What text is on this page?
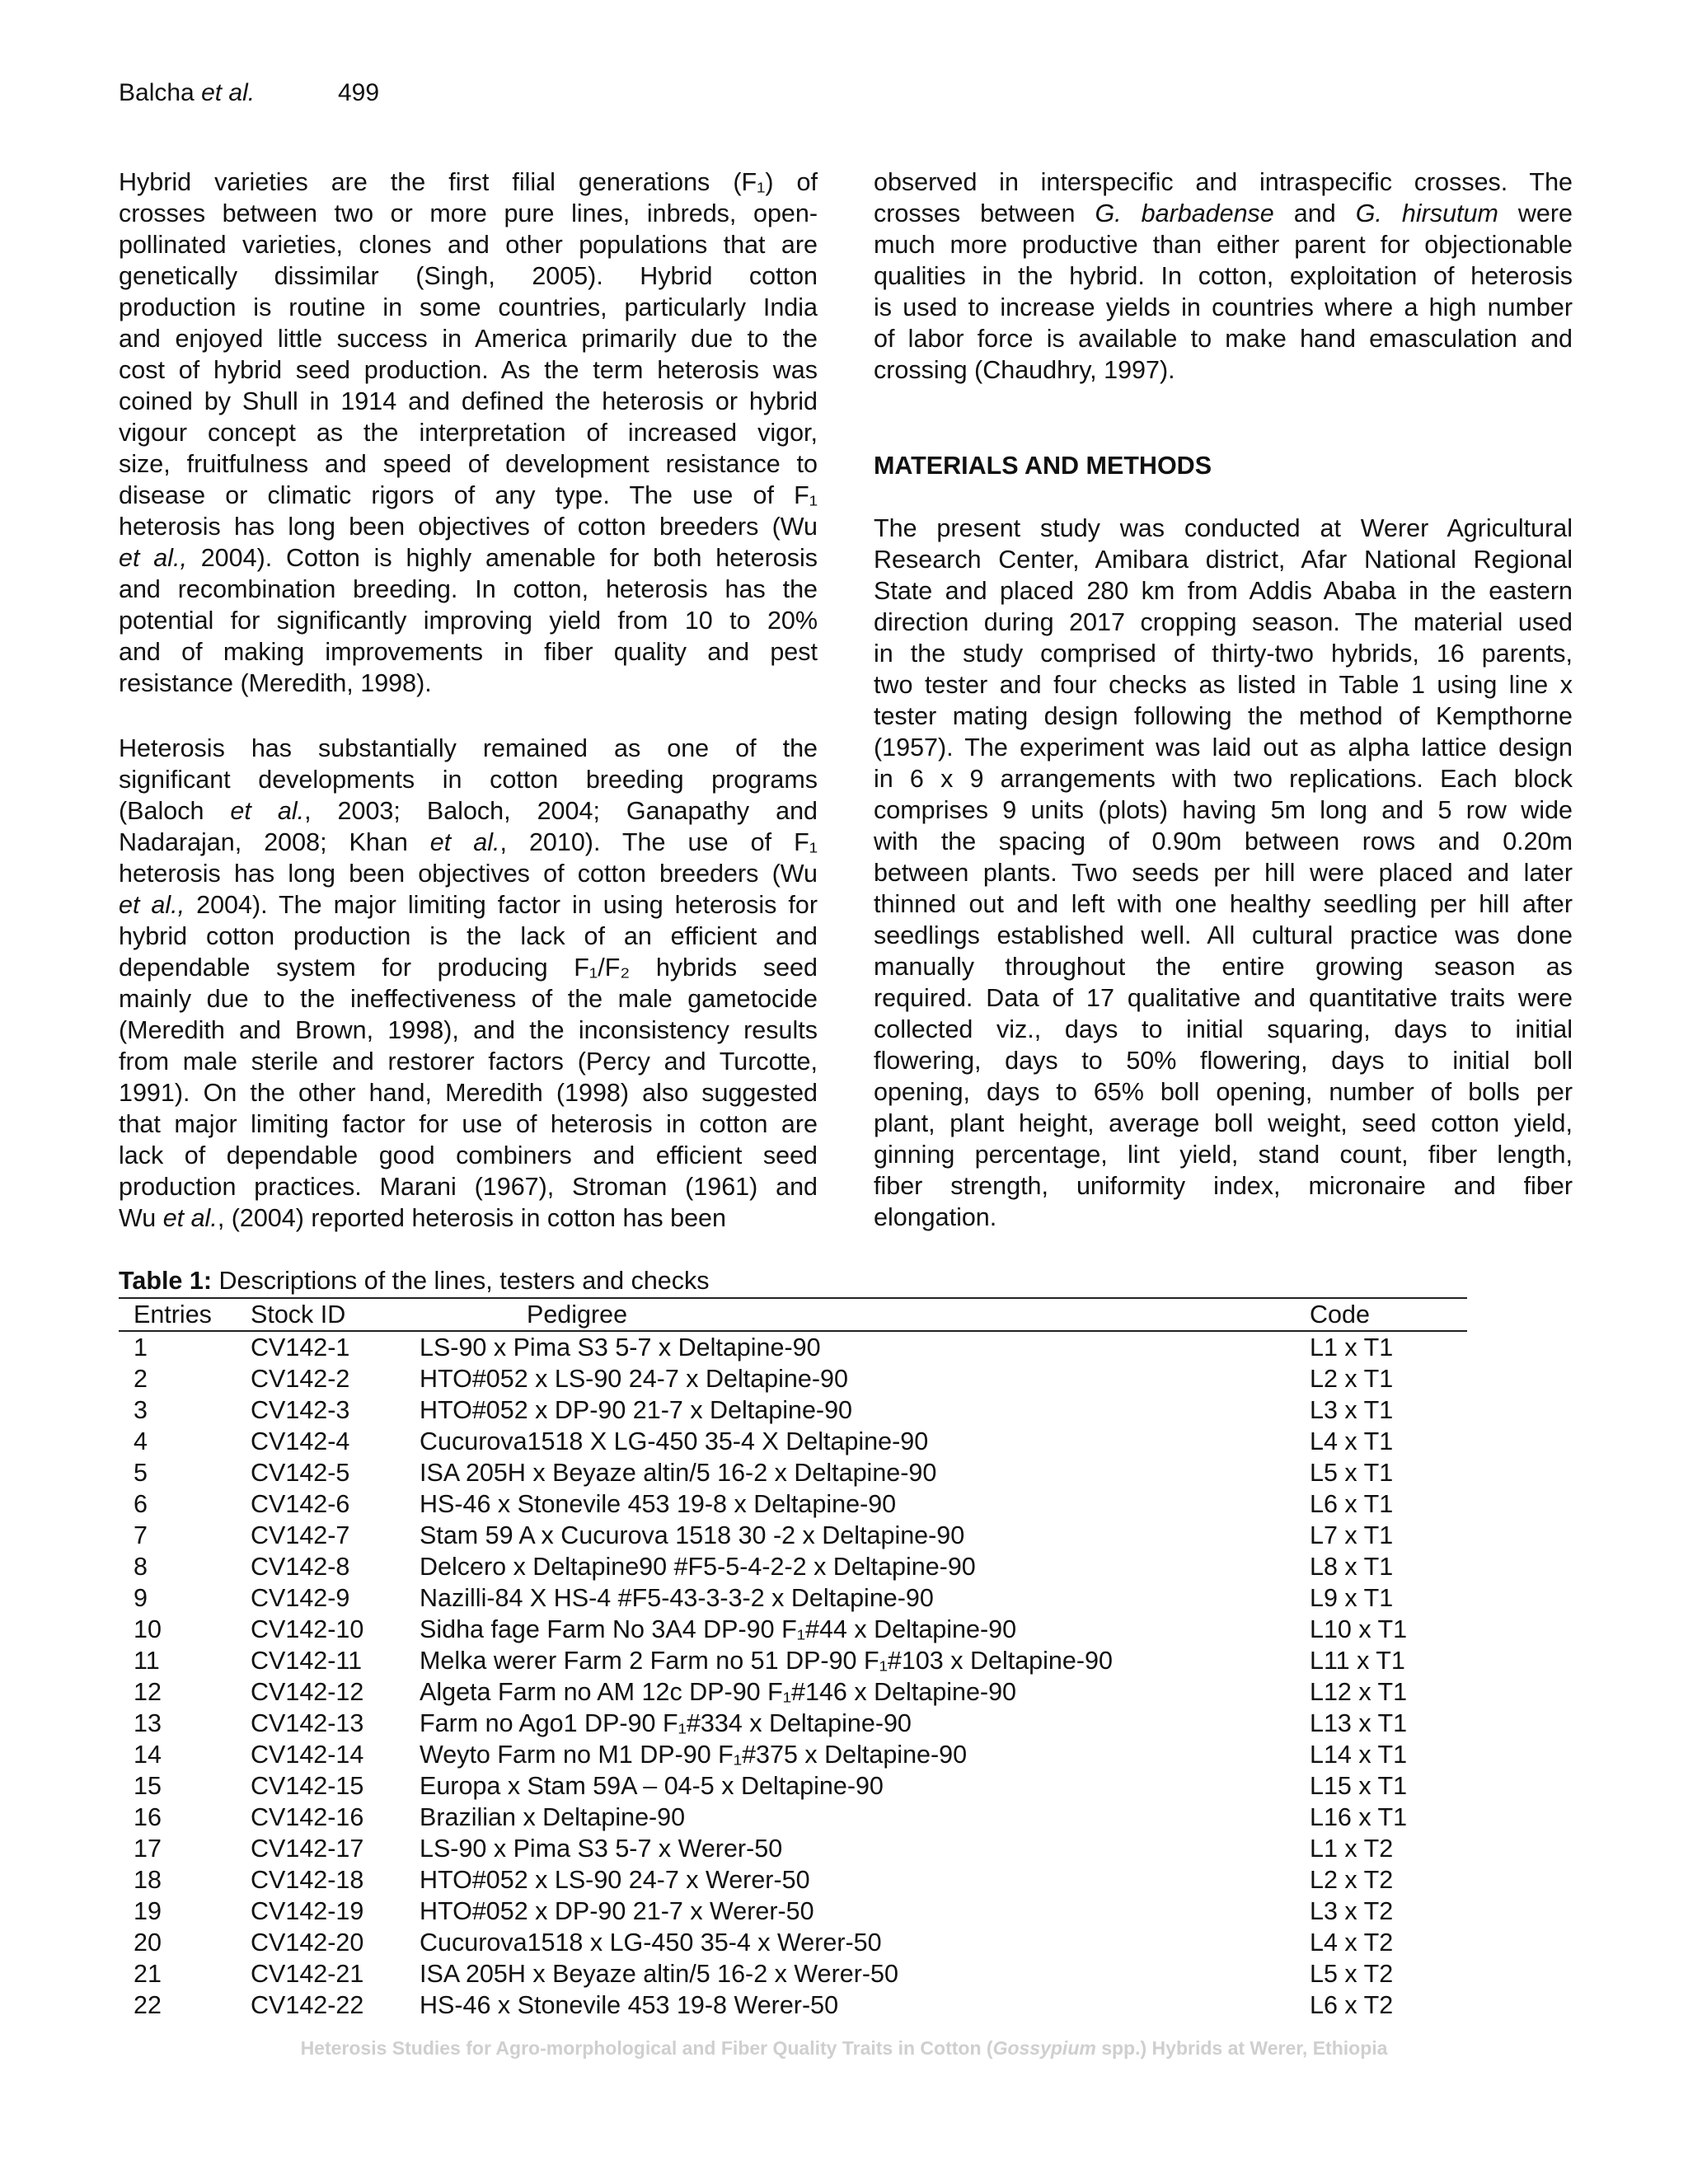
Balcha et al.	499
Hybrid varieties are the first filial generations (F₁) of
crosses between two or more pure lines, inbreds, open-
pollinated varieties, clones and other populations that are
genetically dissimilar (Singh, 2005). Hybrid cotton
production is routine in some countries, particularly India
and enjoyed little success in America primarily due to the
cost of hybrid seed production. As the term heterosis was
coined by Shull in 1914 and defined the heterosis or hybrid
vigour concept as the interpretation of increased vigor,
size, fruitfulness and speed of development resistance to
disease or climatic rigors of any type. The use of F₁
heterosis has long been objectives of cotton breeders (Wu
et al., 2004). Cotton is highly amenable for both heterosis
and recombination breeding. In cotton, heterosis has the
potential for significantly improving yield from 10 to 20%
and of making improvements in fiber quality and pest
resistance (Meredith, 1998).
Heterosis has substantially remained as one of the
significant developments in cotton breeding programs
(Baloch et al., 2003; Baloch, 2004; Ganapathy and
Nadarajan, 2008; Khan et al., 2010). The use of F₁
heterosis has long been objectives of cotton breeders (Wu
et al., 2004). The major limiting factor in using heterosis for
hybrid cotton production is the lack of an efficient and
dependable system for producing F₁/F₂ hybrids seed
mainly due to the ineffectiveness of the male gametocide
(Meredith and Brown, 1998), and the inconsistency results
from male sterile and restorer factors (Percy and Turcotte,
1991). On the other hand, Meredith (1998) also suggested
that major limiting factor for use of heterosis in cotton are
lack of dependable good combiners and efficient seed
production practices. Marani (1967), Stroman (1961) and
Wu et al., (2004) reported heterosis in cotton has been
observed in interspecific and intraspecific crosses. The
crosses between G. barbadense and G. hirsutum were
much more productive than either parent for objectionable
qualities in the hybrid. In cotton, exploitation of heterosis
is used to increase yields in countries where a high number
of labor force is available to make hand emasculation and
crossing (Chaudhry, 1997).
MATERIALS AND METHODS
The present study was conducted at Werer Agricultural
Research Center, Amibara district, Afar National Regional
State and placed 280 km from Addis Ababa in the eastern
direction during 2017 cropping season. The material used
in the study comprised of thirty-two hybrids, 16 parents,
two tester and four checks as listed in Table 1 using line x
tester mating design following the method of Kempthorne
(1957). The experiment was laid out as alpha lattice design
in 6 x 9 arrangements with two replications. Each block
comprises 9 units (plots) having 5m long and 5 row wide
with the spacing of 0.90m between rows and 0.20m
between plants. Two seeds per hill were placed and later
thinned out and left with one healthy seedling per hill after
seedlings established well. All cultural practice was done
manually throughout the entire growing season as
required. Data of 17 qualitative and quantitative traits were
collected viz., days to initial squaring, days to initial
flowering, days to 50% flowering, days to initial boll
opening, days to 65% boll opening, number of bolls per
plant, plant height, average boll weight, seed cotton yield,
ginning percentage, lint yield, stand count, fiber length,
fiber strength, uniformity index, micronaire and fiber
elongation.
Table 1: Descriptions of the lines, testers and checks
Entries	Stock ID	Pedigree	Code
1	CV142-1	LS-90 x Pima S3 5-7 x Deltapine-90	L1 x T1
2	CV142-2	HTO#052 x LS-90 24-7 x Deltapine-90	L2 x T1
3	CV142-3	HTO#052 x DP-90 21-7 x Deltapine-90	L3 x T1
4	CV142-4	Cucurova1518 X LG-450 35-4 X Deltapine-90	L4 x T1
5	CV142-5	ISA 205H x Beyaze altin/5 16-2 x Deltapine-90	L5 x T1
6	CV142-6	HS-46 x Stonevile 453 19-8 x Deltapine-90	L6 x T1
7	CV142-7	Stam 59 A x Cucurova 1518 30 -2 x Deltapine-90	L7 x T1
8	CV142-8	Delcero x Deltapine90 #F5-5-4-2-2 x Deltapine-90	L8 x T1
9	CV142-9	Nazilli-84 X HS-4 #F5-43-3-3-2 x Deltapine-90	L9 x T1
10	CV142-10	Sidha fage Farm No 3A4 DP-90 F₁#44 x Deltapine-90	L10 x T1
11	CV142-11	Melka werer Farm 2 Farm no 51 DP-90 F₁#103 x Deltapine-90	L11 x T1
12	CV142-12	Algeta Farm no AM 12c DP-90 F₁#146 x Deltapine-90	L12 x T1
13	CV142-13	Farm no Ago1 DP-90 F₁#334 x Deltapine-90	L13 x T1
14	CV142-14	Weyto Farm no M1 DP-90 F₁#375 x Deltapine-90	L14 x T1
15	CV142-15	Europa x Stam 59A – 04-5 x Deltapine-90	L15 x T1
16	CV142-16	Brazilian x Deltapine-90	L16 x T1
17	CV142-17	LS-90 x Pima S3 5-7 x Werer-50	L1 x T2
18	CV142-18	HTO#052 x LS-90 24-7 x Werer-50	L2 x T2
19	CV142-19	HTO#052 x DP-90 21-7 x Werer-50	L3 x T2
20	CV142-20	Cucurova1518 x LG-450 35-4 x Werer-50	L4 x T2
21	CV142-21	ISA 205H x Beyaze altin/5 16-2 x Werer-50	L5 x T2
22	CV142-22	HS-46 x Stonevile 453 19-8 Werer-50	L6 x T2
Heterosis Studies for Agro-morphological and Fiber Quality Traits in Cotton (Gossypium spp.) Hybrids at Werer, Ethiopia
